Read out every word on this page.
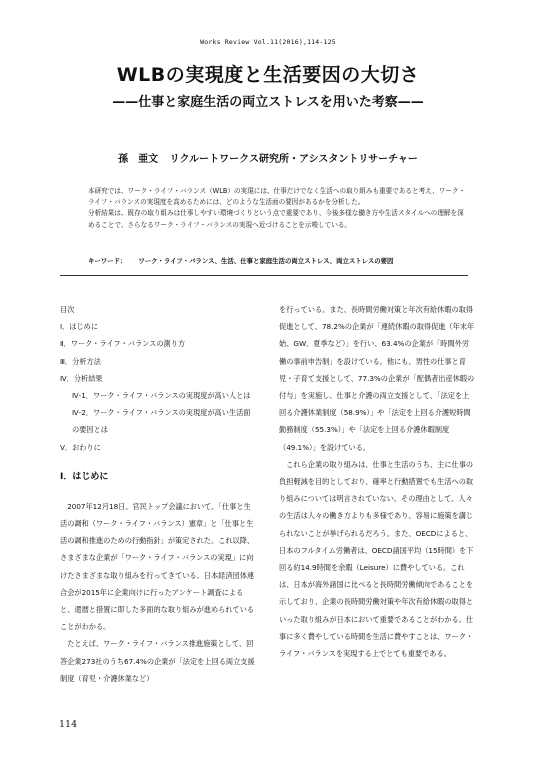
Works Review Vol.11(2016),114-125
WLBの実現度と生活要因の大切さ
——仕事と家庭生活の両立ストレスを用いた考察——
孫　亜文 リクルートワークス研究所・アシスタントリサーチャー

本研究では、ワーク・ライフ・バランス（WLB）の実現には、仕事だけでなく生活への取り組みも重要であると考え、ワーク・ライフ・バランスの実現度を高めるためには、どのような生活面の要因があるかを分析した。

分析結果は、既存の取り組みは仕事しやすい環境づくりという点で重要であり、今後多様な働き方や生活スタイルへの理解を深めることで、さらなるワーク・ライフ・バランスの実現へ近づけることを示唆している。

キーワード： ワーク・ライフ・バランス、生活、仕事と家庭生活の両立ストレス、両立ストレスの要因

目次

Ⅰ．はじめに
Ⅱ．ワーク・ライフ・バランスの測り方
Ⅲ．分析方法
Ⅳ．分析結果
Ⅳ-1．ワーク・ライフ・バランスの実現度が高い人とは
Ⅳ-2．ワーク・ライフ・バランスの実現度が高い生活面の要因とは
Ⅴ．おわりに
Ⅰ．はじめに

　2007年12月18日、官民トップ会議において、「仕事と生活の調和（ワーク・ライフ・バランス）憲章」と「仕事と生活の調和推進のための行動指針」が策定された。これ以降、さまざまな企業が「ワーク・ライフ・バランスの実現」に向けたさまざまな取り組みを行ってきている。日本経済団体連合会が2015年に企業向けに行ったアンケート調査によると、還暦と措置に即した多面的な取り組みが進められていることがわかる。

　たとえば、ワーク・ライフ・バランス推進施策として、回答企業273社のうち67.4%の企業が「法定を上回る両立支援制度（育児・介護休業など）

を行っている。また、長時間労働対策と年次有給休暇の取得促進として、78.2%の企業が「連続休暇の取得促進（年末年始、GW、夏季など）」を行い、63.4%の企業が「時間外労働の事前申告制」を設けている。他にも、男性の仕事と育児・子育て支援として、77.3%の企業が「配偶者出産休暇の付与」を実施し、仕事と介護の両立支援として、「法定を上回る介護休業制度（58.9%）」や「法定を上回る介護短時間勤務制度（55.3%）」や「法定を上回る介護休暇制度（49.1%）」を設けている。

　これら企業の取り組みは、仕事と生活のうち、主に仕事の負担軽減を目的としており、確率と行動措置でも生活への取り組みについては明言されていない。その理由として、人々の生活は人々の働き方よりも多様であり、容易に施策を講じられないことが挙げられるだろう。また、OECDによると、日本のフルタイム労働者は、OECD諸国平均（15時間）を下回る約14.9時間を余暇（Leisure）に費やしている。これは、日本が海外諸国に比べると長時間労働傾向であることを示しており、企業の長時間労働対策や年次有給休暇の取得といった取り組みが日本において重要であることがわかる。仕事に多く費やしている時間を生活に費やすことは、ワーク・ライフ・バランスを実現する上でとても重要である。

114
